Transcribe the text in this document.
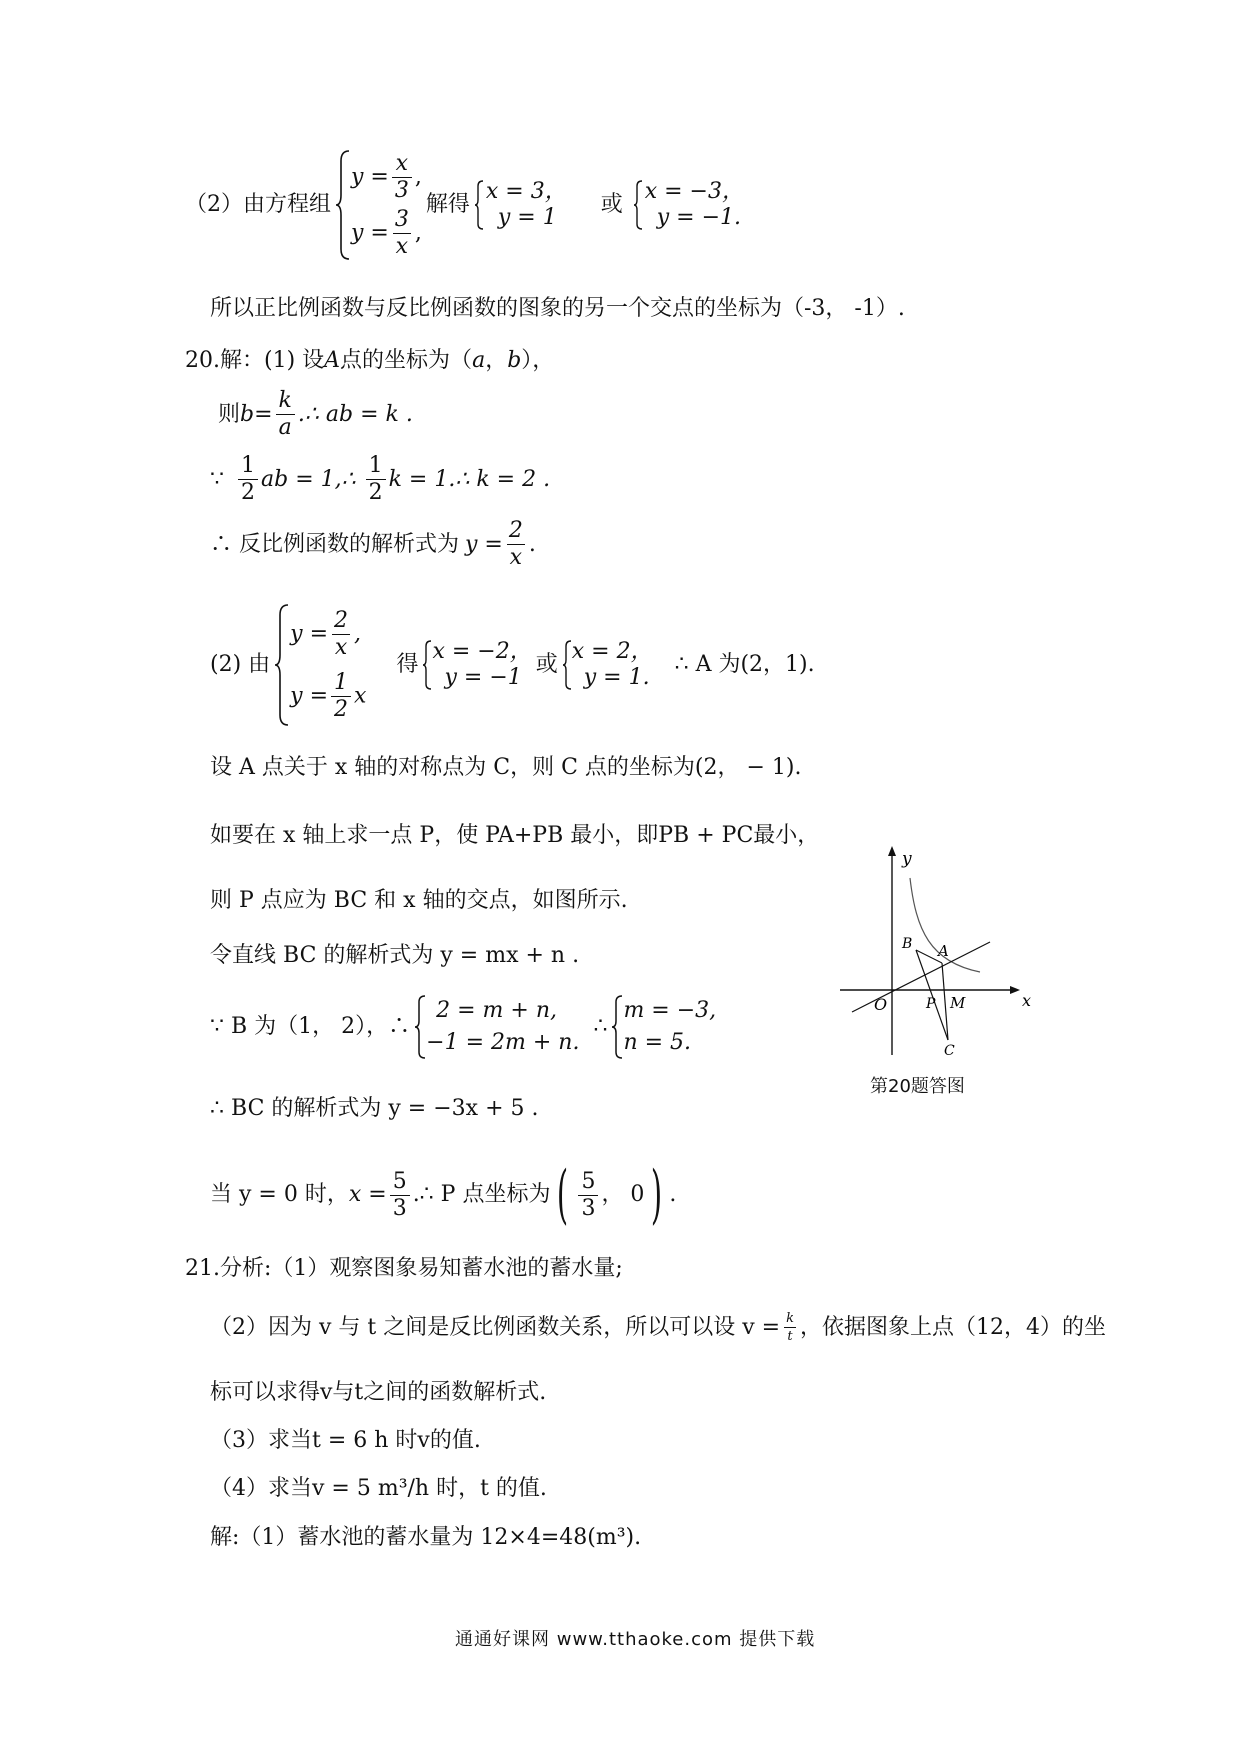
（2）由方程组
$y = \frac{x}{3}$ ,
$y = \frac{3}{x}$ ,
解得
x = 3，
y = 1
或
x = −3，
y = −1.
所以正比例函数与反比例函数的图象的另一个交点的坐标为（-3， -1）.
20.解：(1) 设A点的坐标为（a，b），
则 $b = \frac{k}{a}$ .∴ ab = k .
∵ $\frac{1}{2}$ ab = 1,∴ $\frac{1}{2}$ k = 1.∴ k = 2 .
∴ 反比例函数的解析式为 $y = \frac{2}{x}$ .
(2) 由
$y = \frac{2}{x}$ ,
$y = \frac{1}{2}$ x
得
x = −2，
y = −1
或
x = 2，
y = 1.
∴ A 为(2，1).
设 A 点关于 x 轴的对称点为 C，则 C 点的坐标为(2， − 1).
如要在 x 轴上求一点 P，使 PA+PB 最小，即PB + PC最小，
则 P 点应为 BC 和 x 轴的交点，如图所示.
令直线 BC 的解析式为 y = mx + n .
∵ B 为（1， 2），∴
2 = m + n,
−1 = 2m + n.
∴
m = −3,
n = 5.
∴ BC 的解析式为 y = −3x + 5 .
当 y = 0 时， $x = \frac{5}{3}$ .∴ P 点坐标为 ( $\frac{5}{3}$ ， 0 ) .
y
x
O	P M
A
B
C
第20题答图
21.分析:（1）观察图象易知蓄水池的蓄水量;
（2）因为 v 与 t 之间是反比例函数关系，所以可以设 $v = \frac{k}{t}$ ，依据图象上点（12，4）的坐
标可以求得v与t之间的函数解析式.
（3）求当t = 6 h 时v的值.
（4）求当v = 5 m³/h 时，t 的值.
解:（1）蓄水池的蓄水量为 12×4=48(m³).
通通好课网 www.tthaoke.com 提供下载
